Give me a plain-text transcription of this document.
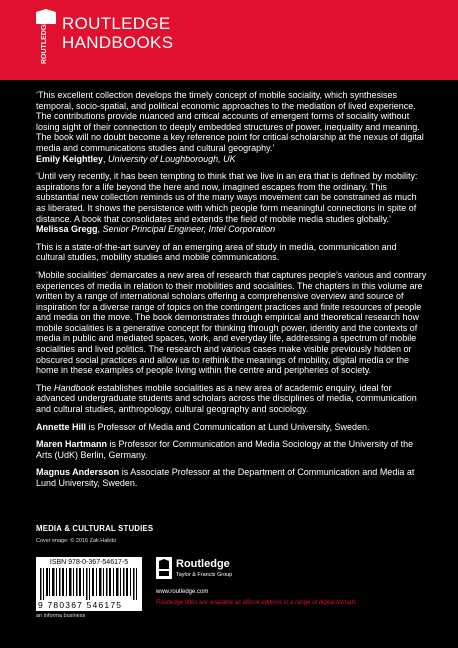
ROUTLEDGE ROUTLEDGE
HANDBOOKS

‘This excellent collection develops the timely concept of mobile sociality, which synthesises temporal, socio-spatial, and political economic approaches to the mediation of lived experience. The contributions provide nuanced and critical accounts of emergent forms of sociality without losing sight of their connection to deeply embedded structures of power, inequality and meaning. The book will no doubt become a key reference point for critical scholarship at the nexus of digital media and communications studies and cultural geography.’

Emily Keightley, University of Loughborough, UK

‘Until very recently, it has been tempting to think that we live in an era that is defined by mobility: aspirations for a life beyond the here and now, imagined escapes from the ordinary. This substantial new collection reminds us of the many ways movement can be constrained as much as liberated. It shows the persistence with which people form meaningful connections in spite of distance. A book that consolidates and extends the field of mobile media studies globally.’

Melissa Gregg, Senior Principal Engineer, Intel Corporation

This is a state-of-the-art survey of an emerging area of study in media, communication and cultural studies, mobility studies and mobile communications.

‘Mobile socialities’ demarcates a new area of research that captures people’s various and contrary experiences of media in relation to their mobilities and socialities. The chapters in this volume are written by a range of international scholars offering a comprehensive overview and source of inspiration for a diverse range of topics on the contingent practices and finite resources of people and media on the move. The book demonstrates through empirical and theoretical research how mobile socialities is a generative concept for thinking through power, identity and the contexts of media in public and mediated spaces, work, and everyday life, addressing a spectrum of mobile socialities and lived politics. The research and various cases make visible previously hidden or obscured social practices and allow us to rethink the meanings of mobility, digital media or the home in these examples of people living within the centre and peripheries of society.

The Handbook establishes mobile socialities as a new area of academic enquiry, ideal for advanced undergraduate students and scholars across the disciplines of media, communication and cultural studies, anthropology, cultural geography and sociology.

Annette Hill is Professor of Media and Communication at Lund University, Sweden.

Maren Hartmann is Professor for Communication and Media Sociology at the University of the Arts (UdK) Berlin, Germany.

Magnus Andersson is Associate Professor at the Department of Communication and Media at Lund University, Sweden.

MEDIA & CULTURAL STUDIES
Cover image: © 2016 Zak Habibi
ISBN 978-0-367-54617-5
9 780367 546175
an informa business
Routledge
Taylor & Francis Group
www.routledge.com
Routledge titles are available as eBook editions in a range of digital formats
